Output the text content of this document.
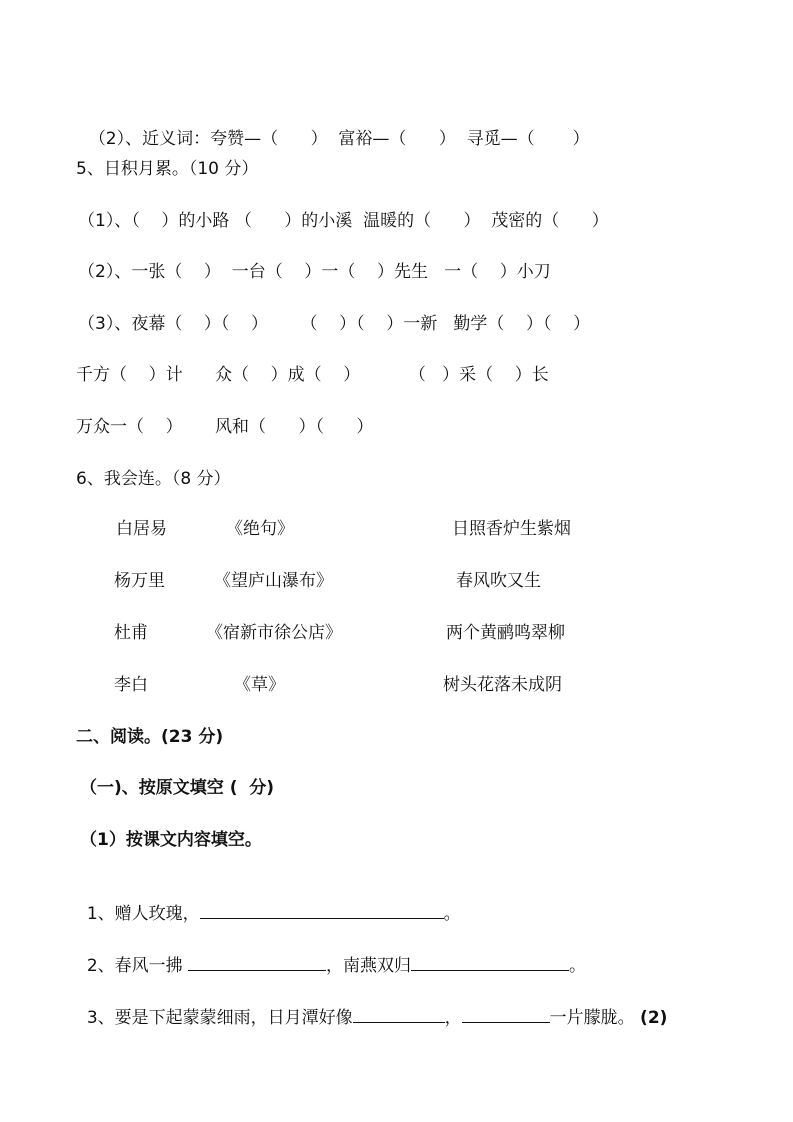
（2）、近义词：夸赞—（      ） 富裕—（      ） 寻觅—（       ）

5、日积月累。（10 分）
（1）、（    ）的小路 （      ）的小溪  温暖的（      ）  茂密的（      ）
（2）、一张（    ）  一台（    ）一（    ）先生   一（    ）小刀
（3）、夜幕（    ）（    ）      （    ）（    ）一新   勤学（    ）（    ）
千方（    ）计      众（    ）成（    ）         （   ）采（    ）长
万众一（    ）      风和（      ）（      ）
6、我会连。（8 分）
白居易	《绝句》	日照香炉生紫烟
杨万里	《望庐山瀑布》	春风吹又生
杜甫	《宿新市徐公店》	两个黄鹂鸣翠柳
李白	《草》	树头花落未成阴
二、阅读。(23 分)
（一)、按原文填空 (  分)
（1）按课文内容填空。

1、赠人玫瑰，	。

2、春风一拂	，南燕双归	。

3、要是下起蒙蒙细雨，日月潭好像	，	一片朦胧。 (2)
